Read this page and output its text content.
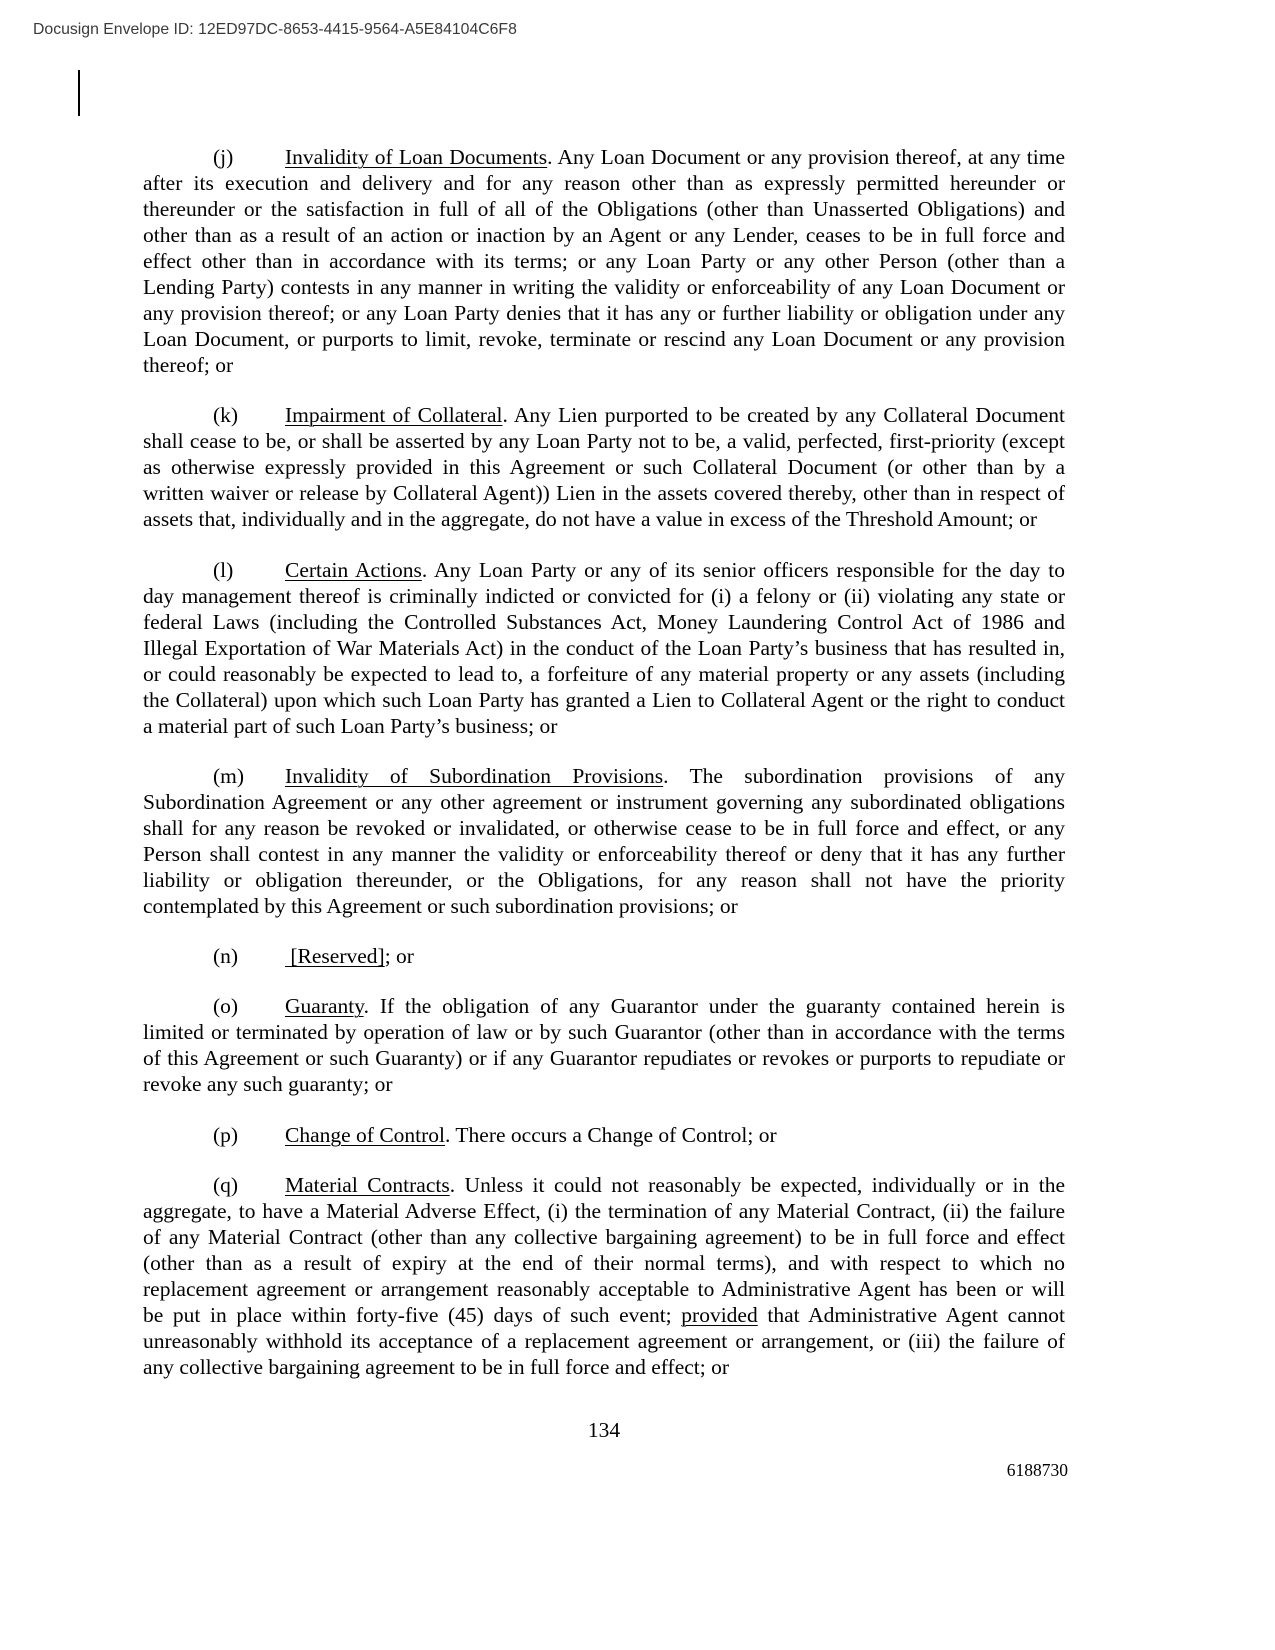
Docusign Envelope ID: 12ED97DC-8653-4415-9564-A5E84104C6F8
(j) Invalidity of Loan Documents. Any Loan Document or any provision thereof, at any time
after its execution and delivery and for any reason other than as expressly permitted hereunder or
thereunder or the satisfaction in full of all of the Obligations (other than Unasserted Obligations) and
other than as a result of an action or inaction by an Agent or any Lender, ceases to be in full force and
effect other than in accordance with its terms; or any Loan Party or any other Person (other than a
Lending Party) contests in any manner in writing the validity or enforceability of any Loan Document or
any provision thereof; or any Loan Party denies that it has any or further liability or obligation under any
Loan Document, or purports to limit, revoke, terminate or rescind any Loan Document or any provision
thereof; or
(k) Impairment of Collateral. Any Lien purported to be created by any Collateral Document
shall cease to be, or shall be asserted by any Loan Party not to be, a valid, perfected, first-priority (except
as otherwise expressly provided in this Agreement or such Collateral Document (or other than by a
written waiver or release by Collateral Agent)) Lien in the assets covered thereby, other than in respect of
assets that, individually and in the aggregate, do not have a value in excess of the Threshold Amount; or
(l) Certain Actions. Any Loan Party or any of its senior officers responsible for the day to
day management thereof is criminally indicted or convicted for (i) a felony or (ii) violating any state or
federal Laws (including the Controlled Substances Act, Money Laundering Control Act of 1986 and
Illegal Exportation of War Materials Act) in the conduct of the Loan Party’s business that has resulted in,
or could reasonably be expected to lead to, a forfeiture of any material property or any assets (including
the Collateral) upon which such Loan Party has granted a Lien to Collateral Agent or the right to conduct
a material part of such Loan Party’s business; or
(m) Invalidity of Subordination Provisions. The subordination provisions of any
Subordination Agreement or any other agreement or instrument governing any subordinated obligations
shall for any reason be revoked or invalidated, or otherwise cease to be in full force and effect, or any
Person shall contest in any manner the validity or enforceability thereof or deny that it has any further
liability or obligation thereunder, or the Obligations, for any reason shall not have the priority
contemplated by this Agreement or such subordination provisions; or
(n) [Reserved]; or
(o) Guaranty. If the obligation of any Guarantor under the guaranty contained herein is
limited or terminated by operation of law or by such Guarantor (other than in accordance with the terms
of this Agreement or such Guaranty) or if any Guarantor repudiates or revokes or purports to repudiate or
revoke any such guaranty; or
(p) Change of Control. There occurs a Change of Control; or
(q) Material Contracts. Unless it could not reasonably be expected, individually or in the
aggregate, to have a Material Adverse Effect, (i) the termination of any Material Contract, (ii) the failure
of any Material Contract (other than any collective bargaining agreement) to be in full force and effect
(other than as a result of expiry at the end of their normal terms), and with respect to which no
replacement agreement or arrangement reasonably acceptable to Administrative Agent has been or will
be put in place within forty-five (45) days of such event; provided that Administrative Agent cannot
unreasonably withhold its acceptance of a replacement agreement or arrangement, or (iii) the failure of
any collective bargaining agreement to be in full force and effect; or
134
6188730
